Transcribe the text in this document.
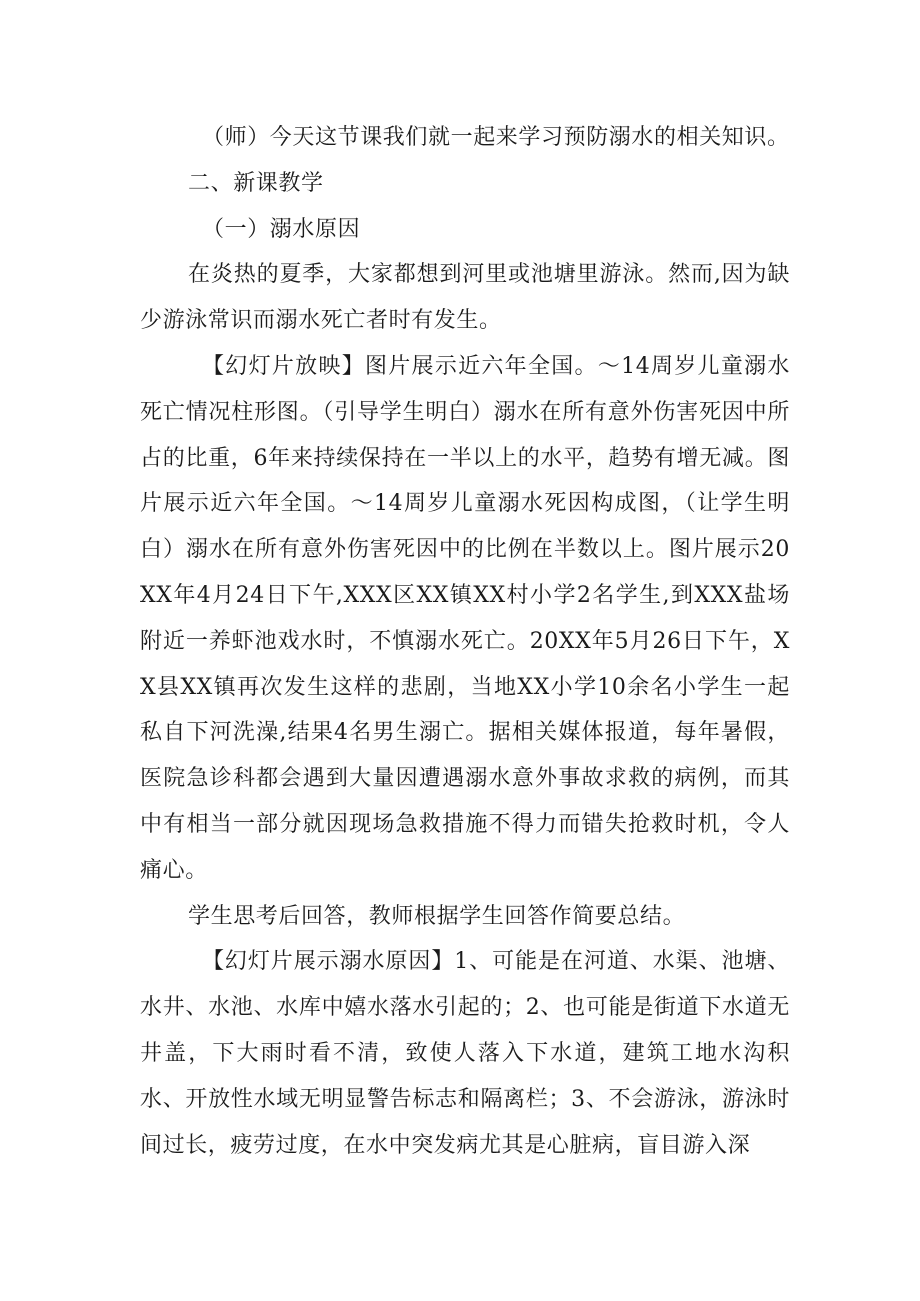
（师）今天这节课我们就一起来学习预防溺水的相关知识。

二、新课教学

（一）溺水原因

在炎热的夏季，大家都想到河里或池塘里游泳。然而,因为缺少游泳常识而溺水死亡者时有发生。

【幻灯片放映】图片展示近六年全国。～14周岁儿童溺水死亡情况柱形图。（引导学生明白）溺水在所有意外伤害死因中所占的比重，6年来持续保持在一半以上的水平，趋势有增无减。图片展示近六年全国。～14周岁儿童溺水死因构成图，（让学生明白）溺水在所有意外伤害死因中的比例在半数以上。图片展示20XX年4月24日下午,XXX区XX镇XX村小学2名学生,到XXX盐场附近一养虾池戏水时，不慎溺水死亡。20XX年5月26日下午，XX县XX镇再次发生这样的悲剧，当地XX小学10余名小学生一起私自下河洗澡,结果4名男生溺亡。据相关媒体报道，每年暑假，医院急诊科都会遇到大量因遭遇溺水意外事故求救的病例，而其中有相当一部分就因现场急救措施不得力而错失抢救时机，令人痛心。

学生思考后回答，教师根据学生回答作简要总结。

【幻灯片展示溺水原因】1、可能是在河道、水渠、池塘、水井、水池、水库中嬉水落水引起的；2、也可能是街道下水道无井盖，下大雨时看不清，致使人落入下水道，建筑工地水沟积水、开放性水域无明显警告标志和隔离栏；3、不会游泳，游泳时间过长，疲劳过度，在水中突发病尤其是心脏病，盲目游入深
